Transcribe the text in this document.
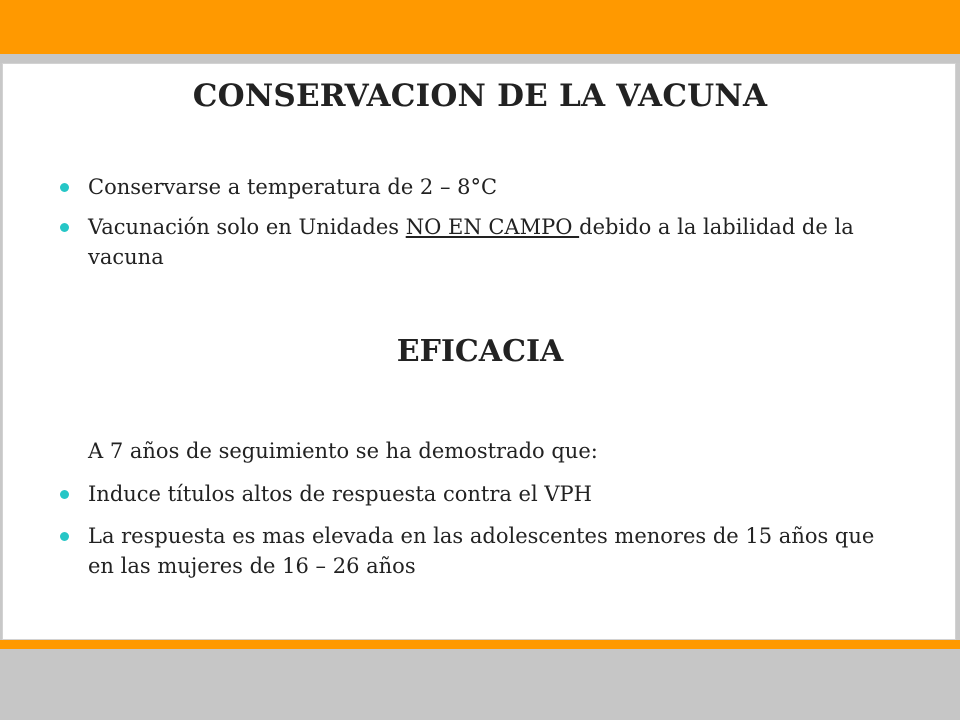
CONSERVACION DE LA VACUNA
Conservarse a temperatura de 2 – 8°C
Vacunación solo en Unidades NO EN CAMPO debido a la labilidad de la vacuna
EFICACIA

A 7 años de seguimiento se ha demostrado que:

Induce títulos altos de respuesta contra el VPH
La respuesta es mas elevada en las adolescentes menores de 15 años que en las mujeres de 16 – 26 años
